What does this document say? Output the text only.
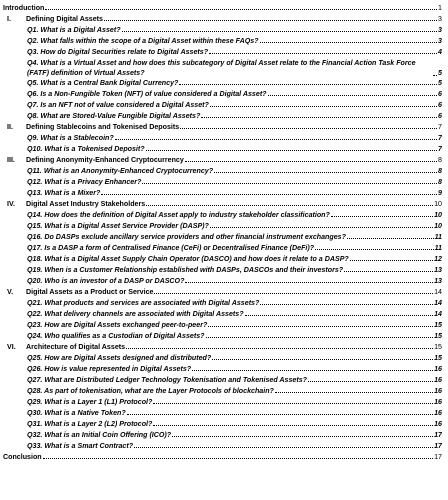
Introduction	1
I.	Defining Digital Assets	3
Q1. What is a Digital Asset?	3
Q2. What falls within the scope of a Digital Asset within these FAQs?	3
Q3. How do Digital Securities relate to Digital Assets?	4
Q4. What is a Virtual Asset and how does this subcategory of Digital Asset relate to the Financial Action Task Force (FATF) definition of Virtual Assets?	5
Q5. What is a Central Bank Digital Currency?	5
Q6. Is a Non-Fungible Token (NFT) of value considered a Digital Asset?	6
Q7. Is an NFT not of value considered a Digital Asset?	6
Q8. What are Stored-Value Fungible Digital Assets?	6
II.	Defining Stablecoins and Tokenised Deposits	7
Q9. What is a Stablecoin?	7
Q10. What is a Tokenised Deposit?	7
III.	Defining Anonymity-Enhanced Cryptocurrency	8
Q11. What is an Anonymity-Enhanced Cryptocurrency?	8
Q12. What is a Privacy Enhancer?	8
Q13. What is a Mixer?	9
IV.	Digital Asset Industry Stakeholders	10
Q14. How does the definition of Digital Asset apply to industry stakeholder classification?	10
Q15. What is a Digital Asset Service Provider (DASP)?	10
Q16. Do DASPs exclude ancillary service providers and other financial instrument exchanges?	11
Q17. Is a DASP a form of Centralised Finance (CeFi) or Decentralised Finance (DeFi)?	11
Q18. What is a Digital Asset Supply Chain Operator (DASCO) and how does it relate to a DASP?	12
Q19. When is a Customer Relationship established with DASPs, DASCOs and their investors?	13
Q20. Who is an investor of a DASP or DASCO?	13
V.	Digital Assets as a Product or Service	14
Q21. What products and services are associated with Digital Assets?	14
Q22. What delivery channels are associated with Digital Assets?	14
Q23. How are Digital Assets exchanged peer-to-peer?	15
Q24. Who qualifies as a Custodian of Digital Assets?	15
VI.	Architecture of Digital Assets	15
Q25. How are Digital Assets designed and distributed?	15
Q26. How is value represented in Digital Assets?	16
Q27. What are Distributed Ledger Technology Tokenisation and Tokenised Assets?	16
Q28. As part of tokenisation, what are the Layer Protocols of blockchain?	16
Q29. What is a Layer 1 (L1) Protocol?	16
Q30. What is a Native Token?	16
Q31. What is a Layer 2 (L2) Protocol?	16
Q32. What is an Initial Coin Offering (ICO)?	17
Q33. What is a Smart Contract?	17
Conclusion	17
